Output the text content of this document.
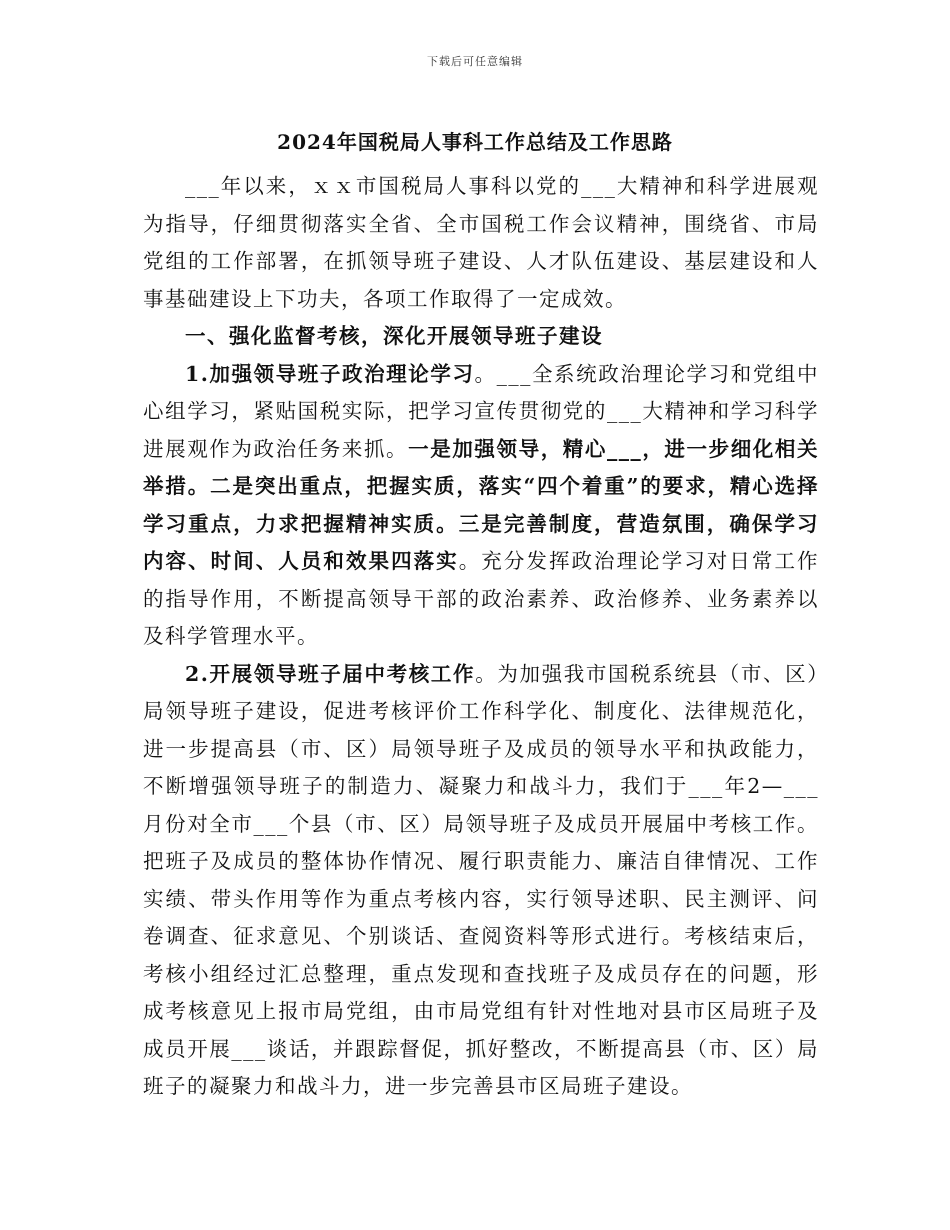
下载后可任意编辑
2024年国税局人事科工作总结及工作思路

___年以来，ｘｘ市国税局人事科以党的___大精神和科学进展观为指导，仔细贯彻落实全省、全市国税工作会议精神，围绕省、市局党组的工作部署，在抓领导班子建设、人才队伍建设、基层建设和人事基础建设上下功夫，各项工作取得了一定成效。

一、强化监督考核，深化开展领导班子建设

1.加强领导班子政治理论学习。___全系统政治理论学习和党组中心组学习，紧贴国税实际，把学习宣传贯彻党的___大精神和学习科学进展观作为政治任务来抓。一是加强领导，精心___，进一步细化相关举措。二是突出重点，把握实质，落实“四个着重”的要求，精心选择学习重点，力求把握精神实质。三是完善制度，营造氛围，确保学习内容、时间、人员和效果四落实。充分发挥政治理论学习对日常工作的指导作用，不断提高领导干部的政治素养、政治修养、业务素养以及科学管理水平。

2.开展领导班子届中考核工作。为加强我市国税系统县（市、区）局领导班子建设，促进考核评价工作科学化、制度化、法律规范化，进一步提高县（市、区）局领导班子及成员的领导水平和执政能力，不断增强领导班子的制造力、凝聚力和战斗力，我们于___年2—___月份对全市___个县（市、区）局领导班子及成员开展届中考核工作。把班子及成员的整体协作情况、履行职责能力、廉洁自律情况、工作实绩、带头作用等作为重点考核内容，实行领导述职、民主测评、问卷调查、征求意见、个别谈话、查阅资料等形式进行。考核结束后，考核小组经过汇总整理，重点发现和查找班子及成员存在的问题，形成考核意见上报市局党组，由市局党组有针对性地对县市区局班子及成员开展___谈话，并跟踪督促，抓好整改，不断提高县（市、区）局班子的凝聚力和战斗力，进一步完善县市区局班子建设。
